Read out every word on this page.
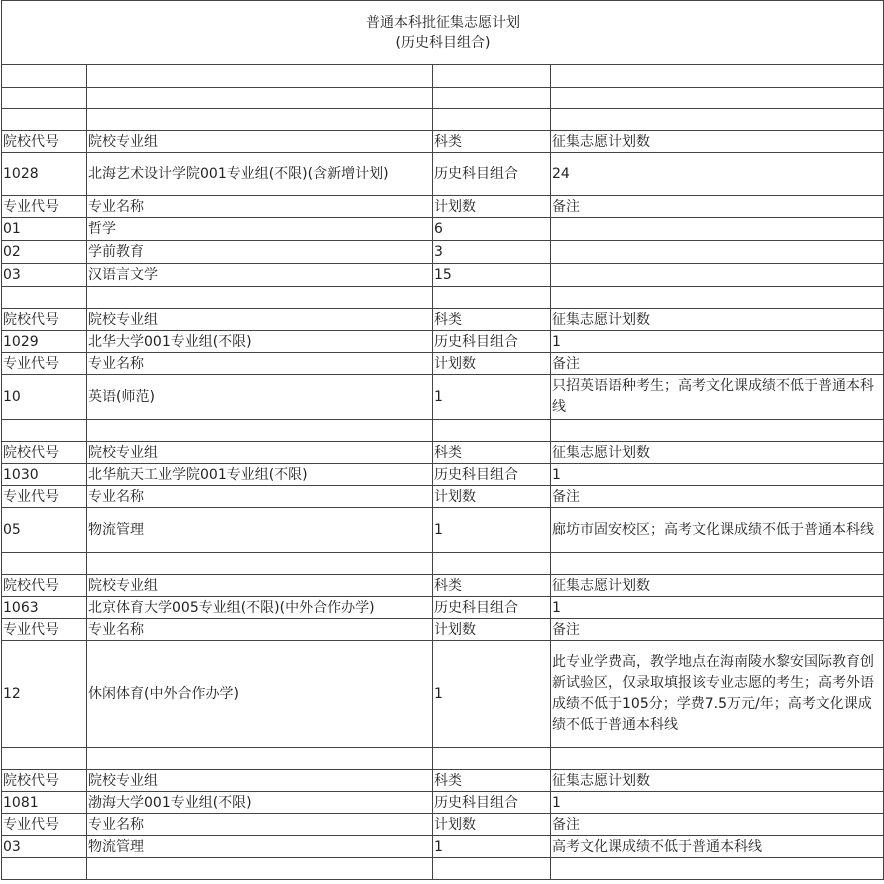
普通本科批征集志愿计划
(历史科目组合)			

院校代号	院校专业组	科类	征集志愿计划数
1028	北海艺术设计学院001专业组(不限)(含新增计划)	历史科目组合	24
专业代号	专业名称	计划数	备注
01	哲学	6	
02	学前教育	3	
03	汉语言文学	15	

院校代号	院校专业组	科类	征集志愿计划数
1029	北华大学001专业组(不限)	历史科目组合	1
专业代号	专业名称	计划数	备注
10	英语(师范)	1	只招英语语种考生；高考文化课成绩不低于普通本科线

院校代号	院校专业组	科类	征集志愿计划数
1030	北华航天工业学院001专业组(不限)	历史科目组合	1
专业代号	专业名称	计划数	备注
05	物流管理	1	廊坊市固安校区；高考文化课成绩不低于普通本科线

院校代号	院校专业组	科类	征集志愿计划数
1063	北京体育大学005专业组(不限)(中外合作办学)	历史科目组合	1
专业代号	专业名称	计划数	备注
12	休闲体育(中外合作办学)	1	此专业学费高，教学地点在海南陵水黎安国际教育创新试验区，仅录取填报该专业志愿的考生；高考外语成绩不低于105分；学费7.5万元/年；高考文化课成绩不低于普通本科线

院校代号	院校专业组	科类	征集志愿计划数
1081	渤海大学001专业组(不限)	历史科目组合	1
专业代号	专业名称	计划数	备注
03	物流管理	1	高考文化课成绩不低于普通本科线
